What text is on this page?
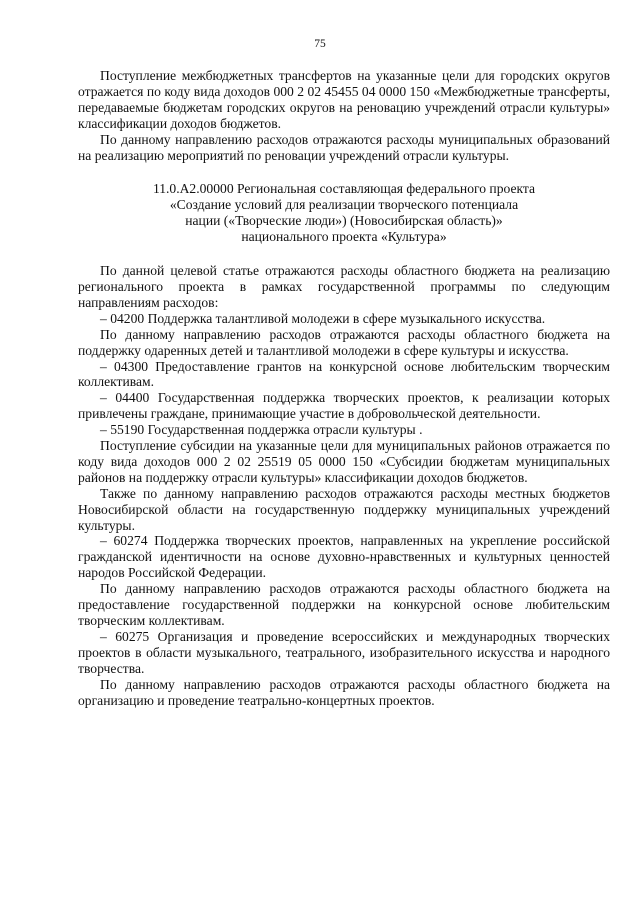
75

Поступление межбюджетных трансфертов на указанные цели для городских округов отражается по коду вида доходов 000 2 02 45455 04 0000 150 «Межбюджетные трансферты, передаваемые бюджетам городских округов на реновацию учреждений отрасли культуры» классификации доходов бюджетов.

По данному направлению расходов отражаются расходы муниципальных образований на реализацию мероприятий по реновации учреждений отрасли культуры.

11.0.А2.00000 Региональная составляющая федерального проекта
«Создание условий для реализации творческого потенциала
нации («Творческие люди») (Новосибирская область)»
национального проекта «Культура»

По данной целевой статье отражаются расходы областного бюджета на реализацию регионального проекта в рамках государственной программы по следующим направлениям расходов:

– 04200 Поддержка талантливой молодежи в сфере музыкального искусства.

По данному направлению расходов отражаются расходы областного бюджета на поддержку одаренных детей и талантливой молодежи в сфере культуры и искусства.

– 04300 Предоставление грантов на конкурсной основе любительским творческим коллективам.

– 04400 Государственная поддержка творческих проектов, к реализации которых привлечены граждане, принимающие участие в добровольческой деятельности.

– 55190 Государственная поддержка отрасли культуры .

Поступление субсидии на указанные цели для муниципальных районов отражается по коду вида доходов 000 2 02 25519 05 0000 150 «Субсидии бюджетам муниципальных районов на поддержку отрасли культуры» классификации доходов бюджетов.

Также по данному направлению расходов отражаются расходы местных бюджетов Новосибирской области на государственную поддержку муниципальных учреждений культуры.

– 60274 Поддержка творческих проектов, направленных на укрепление российской гражданской идентичности на основе духовно-нравственных и культурных ценностей народов Российской Федерации.

По данному направлению расходов отражаются расходы областного бюджета на предоставление государственной поддержки на конкурсной основе любительским творческим коллективам.

– 60275 Организация и проведение всероссийских и международных творческих проектов в области музыкального, театрального, изобразительного искусства и народного творчества.

По данному направлению расходов отражаются расходы областного бюджета на организацию и проведение театрально-концертных проектов.
